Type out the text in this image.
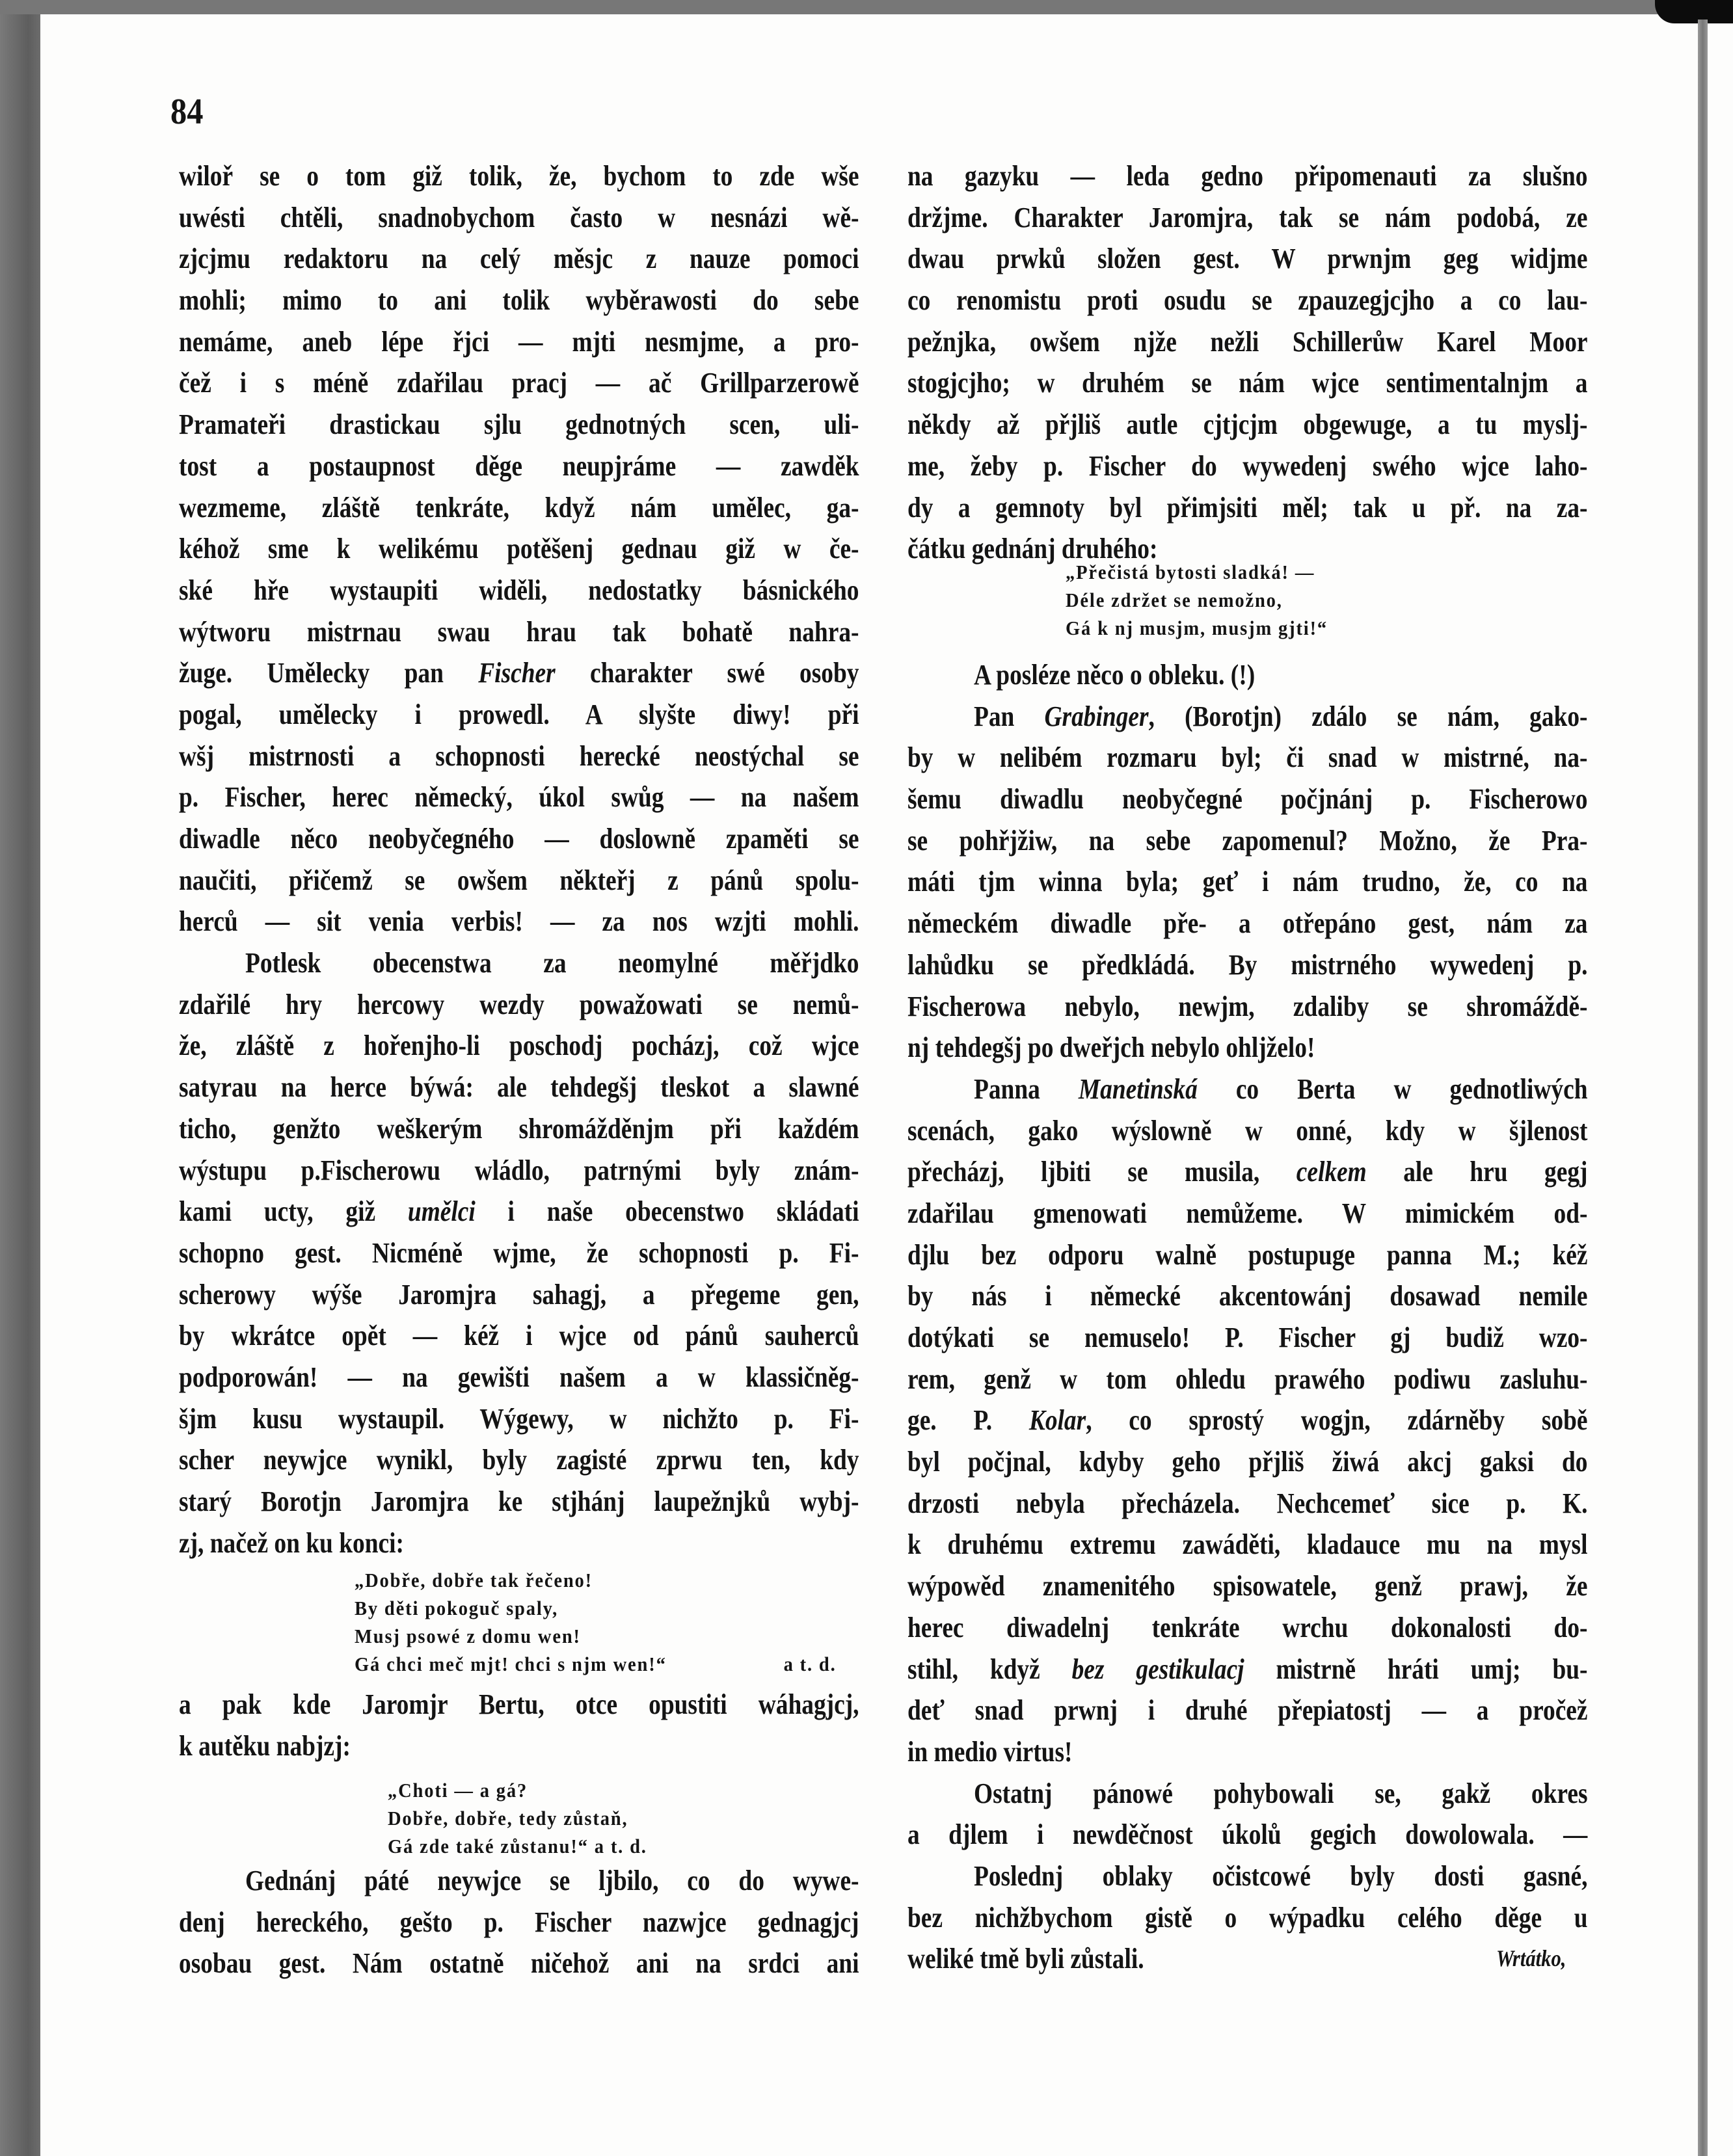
84
wiloř se o tom giž tolik, že, bychom to zde wše
uwésti chtěli, snadnobychom často w nesnázi wě-
zjcjmu redaktoru na celý měsjc z nauze pomoci
mohli; mimo to ani tolik wyběrawosti do sebe
nemáme, aneb lépe řjci — mjti nesmjme, a pro-
čež i s méně zdařilau pracj — ač Grillparzerowě
Pramateři drastickau sjlu gednotných scen, uli-
tost a postaupnost děge neupjráme — zawděk
wezmeme, zláště tenkráte, když nám umělec, ga-
kéhož sme k welikému potěšenj gednau giž w če-
ské hře wystaupiti widěli, nedostatky básnického
wýtworu mistrnau swau hrau tak bohatě nahra-
žuge. Umělecky pan Fischer charakter swé osoby
pogal, umělecky i prowedl. A slyšte diwy! při
wšj mistrnosti a schopnosti herecké neostýchal se
p. Fischer, herec německý, úkol swůg — na našem
diwadle něco neobyčegného — doslowně zpaměti se
naučiti, přičemž se owšem někteřj z pánů spolu-
herců — sit venia verbis! — za nos wzjti mohli.
Potlesk obecenstwa za neomylné měřjdko
zdařilé hry hercowy wezdy powažowati se nemů-
že, zláště z hořenjho-li poschodj pocházj, což wjce
satyrau na herce býwá: ale tehdegšj tleskot a slawné
ticho, genžto weškerým shromážděnjm při každém
wýstupu p.Fischerowu wládlo, patrnými byly znám-
kami ucty, giž umělci i naše obecenstwo skládati
schopno gest. Nicméně wjme, že schopnosti p. Fi-
scherowy wýše Jaromjra sahagj, a přegeme gen,
by wkrátce opět — kéž i wjce od pánů sauherců
podporowán! — na gewišti našem a w klassičněg-
šjm kusu wystaupil. Wýgewy, w nichžto p. Fi-
scher neywjce wynikl, byly zagisté zprwu ten, kdy
starý Borotjn Jaromjra ke stjhánj laupežnjků wybj-
zj, načež on ku konci:
„Dobře, dobře tak řečeno!
By děti pokoguč spaly,
Musj psowé z domu wen!
Gá chci meč mjt! chci s njm wen!“	a t. d.
a pak kde Jaromjr Bertu, otce opustiti wáhagjcj,
k autěku nabjzj:
„Choti — a gá?
Dobře, dobře, tedy zůstaň,
Gá zde také zůstanu!“ a t. d.
Gednánj páté neywjce se ljbilo, co do wywe-
denj hereckého, gešto p. Fischer nazwjce gednagjcj
osobau gest. Nám ostatně ničehož ani na srdci ani
na gazyku — leda gedno připomenauti za slušno
držjme. Charakter Jaromjra, tak se nám podobá, ze
dwau prwků složen gest. W prwnjm geg widjme
co renomistu proti osudu se zpauzegjcjho a co lau-
pežnjka, owšem njže nežli Schillerůw Karel Moor
stogjcjho; w druhém se nám wjce sentimentalnjm a
někdy až přjliš autle cjtjcjm obgewuge, a tu myslj-
me, žeby p. Fischer do wywedenj swého wjce laho-
dy a gemnoty byl přimjsiti měl; tak u př. na za-
čátku gednánj druhého:
„Přečistá bytosti sladká! —
Déle zdržet se nemožno,
Gá k nj musjm, musjm gjti!“
A posléze něco o obleku. (!)
Pan Grabinger, (Borotjn) zdálo se nám, gako-
by w nelibém rozmaru byl; či snad w mistrné, na-
šemu diwadlu neobyčegné počjnánj p. Fischerowo
se pohřjžiw, na sebe zapomenul? Možno, že Pra-
máti tjm winna byla; geť i nám trudno, že, co na
německém diwadle pře- a otřepáno gest, nám za
lahůdku se předkládá. By mistrného wywedenj p.
Fischerowa nebylo, newjm, zdaliby se shromáždě-
nj tehdegšj po dweřjch nebylo ohljželo!
Panna Manetinská co Berta w gednotliwých
scenách, gako wýslowně w onné, kdy w šjlenost
přecházj, ljbiti se musila, celkem ale hru gegj
zdařilau gmenowati nemůžeme. W mimickém od-
djlu bez odporu walně postupuge panna M.; kéž
by nás i německé akcentowánj dosawad nemile
dotýkati se nemuselo! P. Fischer gj budiž wzo-
rem, genž w tom ohledu prawého podiwu zasluhu-
ge. P. Kolar, co sprostý wogjn, zdárněby sobě
byl počjnal, kdyby geho přjliš žiwá akcj gaksi do
drzosti nebyla přecházela. Nechcemeť sice p. K.
k druhému extremu zawáděti, kladauce mu na mysl
wýpowěd znamenitého spisowatele, genž prawj, že
herec diwadelnj tenkráte wrchu dokonalosti do-
stihl, když bez gestikulacj mistrně hráti umj; bu-
deť snad prwnj i druhé přepiatostj — a pročež
in medio virtus!
Ostatnj pánowé pohybowali se, gakž okres
a djlem i newděčnost úkolů gegich dowolowala. —
Poslednj oblaky očistcowé byly dosti gasné,
bez nichžbychom gistě o wýpadku celého děge u
weliké tmě byli zůstali.	Wrtátko,
